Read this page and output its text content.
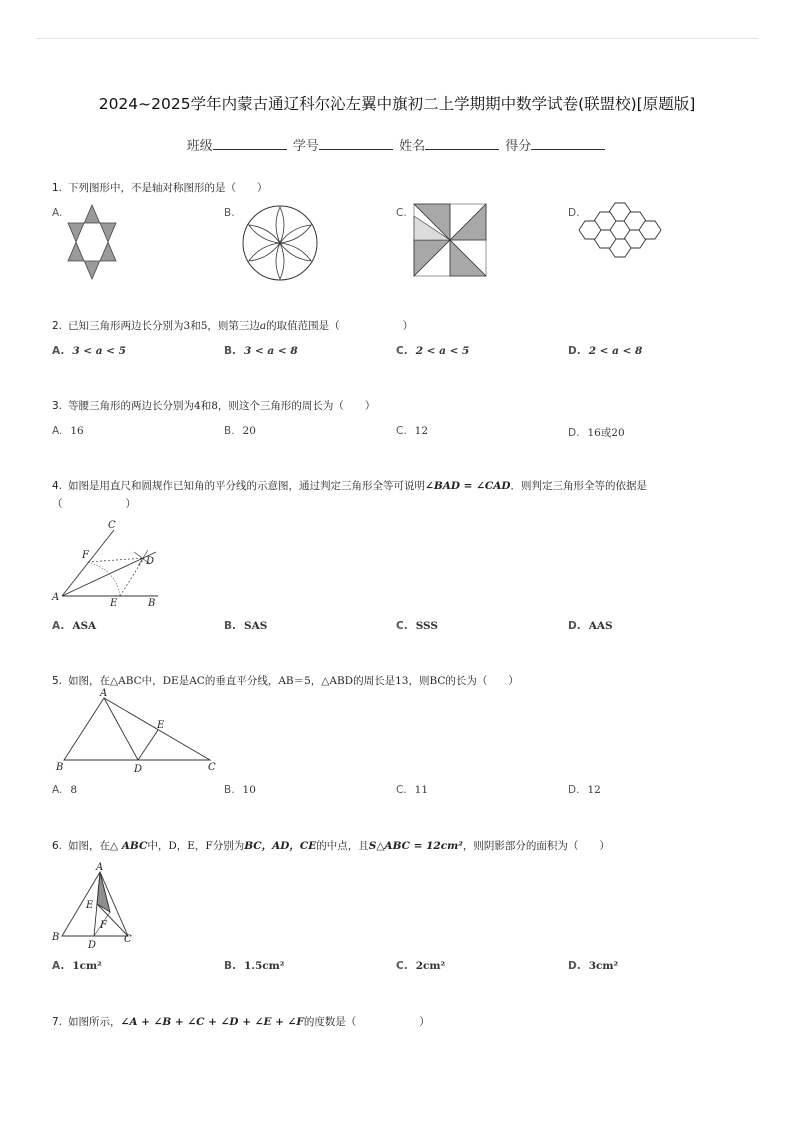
2024~2025学年内蒙古通辽科尔沁左翼中旗初二上学期期中数学试卷(联盟校)[原题版]
班级	学号	姓名	得分
1. 下列图形中，不是轴对称图形的是（　　）
A.	B.	C.	D.
2. 已知三角形两边长分别为3和5，则第三边a的取值范围是（　　　　　　）
A. 3 < a < 5	B. 3 < a < 8	C. 2 < a < 5	D. 2 < a < 8
3. 等腰三角形的两边长分别为4和8，则这个三角形的周长为（　　）
A. 16	B. 20	C. 12	D. 16或20
4. 如图是用直尺和圆规作已知角的平分线的示意图，通过判定三角形全等可说明∠BAD = ∠CAD．则判定三角形全等的依据是
（　　　　　　）
C
F
D
A
E	B
A. ASA	B. SAS	C. SSS	D. AAS
5. 如图，在△ABC中，DE是AC的垂直平分线，AB＝5，△ABD的周长是13，则BC的长为（　　）
A
E
B	D	C
A. 8	B. 10	C. 11	D. 12
6. 如图，在△ ABC中，D，E，F分别为BC，AD，CE的中点，且S△ABC = 12cm²，则阴影部分的面积为（　　）
A
E
F
B
D
C
A. 1cm²	B. 1.5cm²	C. 2cm²	D. 3cm²
7. 如图所示，∠A + ∠B + ∠C + ∠D + ∠E + ∠F的度数是（　　　　　　）
